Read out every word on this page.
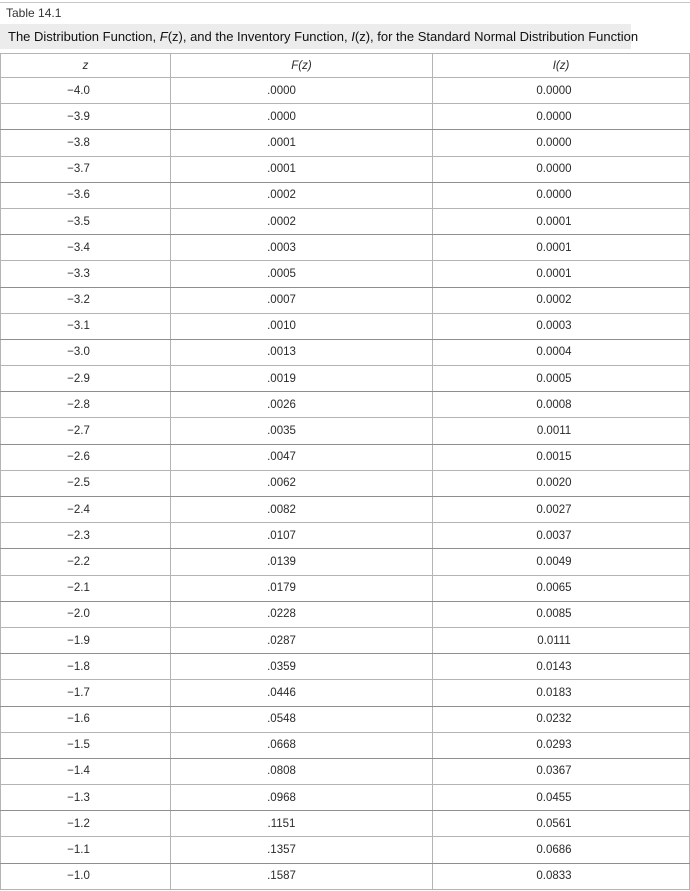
Table 14.1
The Distribution Function, F(z), and the Inventory Function, I(z), for the Standard Normal Distribution Function
z	F(z)	I(z)
−4.0	.0000	0.0000
−3.9	.0000	0.0000
−3.8	.0001	0.0000
−3.7	.0001	0.0000
−3.6	.0002	0.0000
−3.5	.0002	0.0001
−3.4	.0003	0.0001
−3.3	.0005	0.0001
−3.2	.0007	0.0002
−3.1	.0010	0.0003
−3.0	.0013	0.0004
−2.9	.0019	0.0005
−2.8	.0026	0.0008
−2.7	.0035	0.0011
−2.6	.0047	0.0015
−2.5	.0062	0.0020
−2.4	.0082	0.0027
−2.3	.0107	0.0037
−2.2	.0139	0.0049
−2.1	.0179	0.0065
−2.0	.0228	0.0085
−1.9	.0287	0.0111
−1.8	.0359	0.0143
−1.7	.0446	0.0183
−1.6	.0548	0.0232
−1.5	.0668	0.0293
−1.4	.0808	0.0367
−1.3	.0968	0.0455
−1.2	.1151	0.0561
−1.1	.1357	0.0686
−1.0	.1587	0.0833
